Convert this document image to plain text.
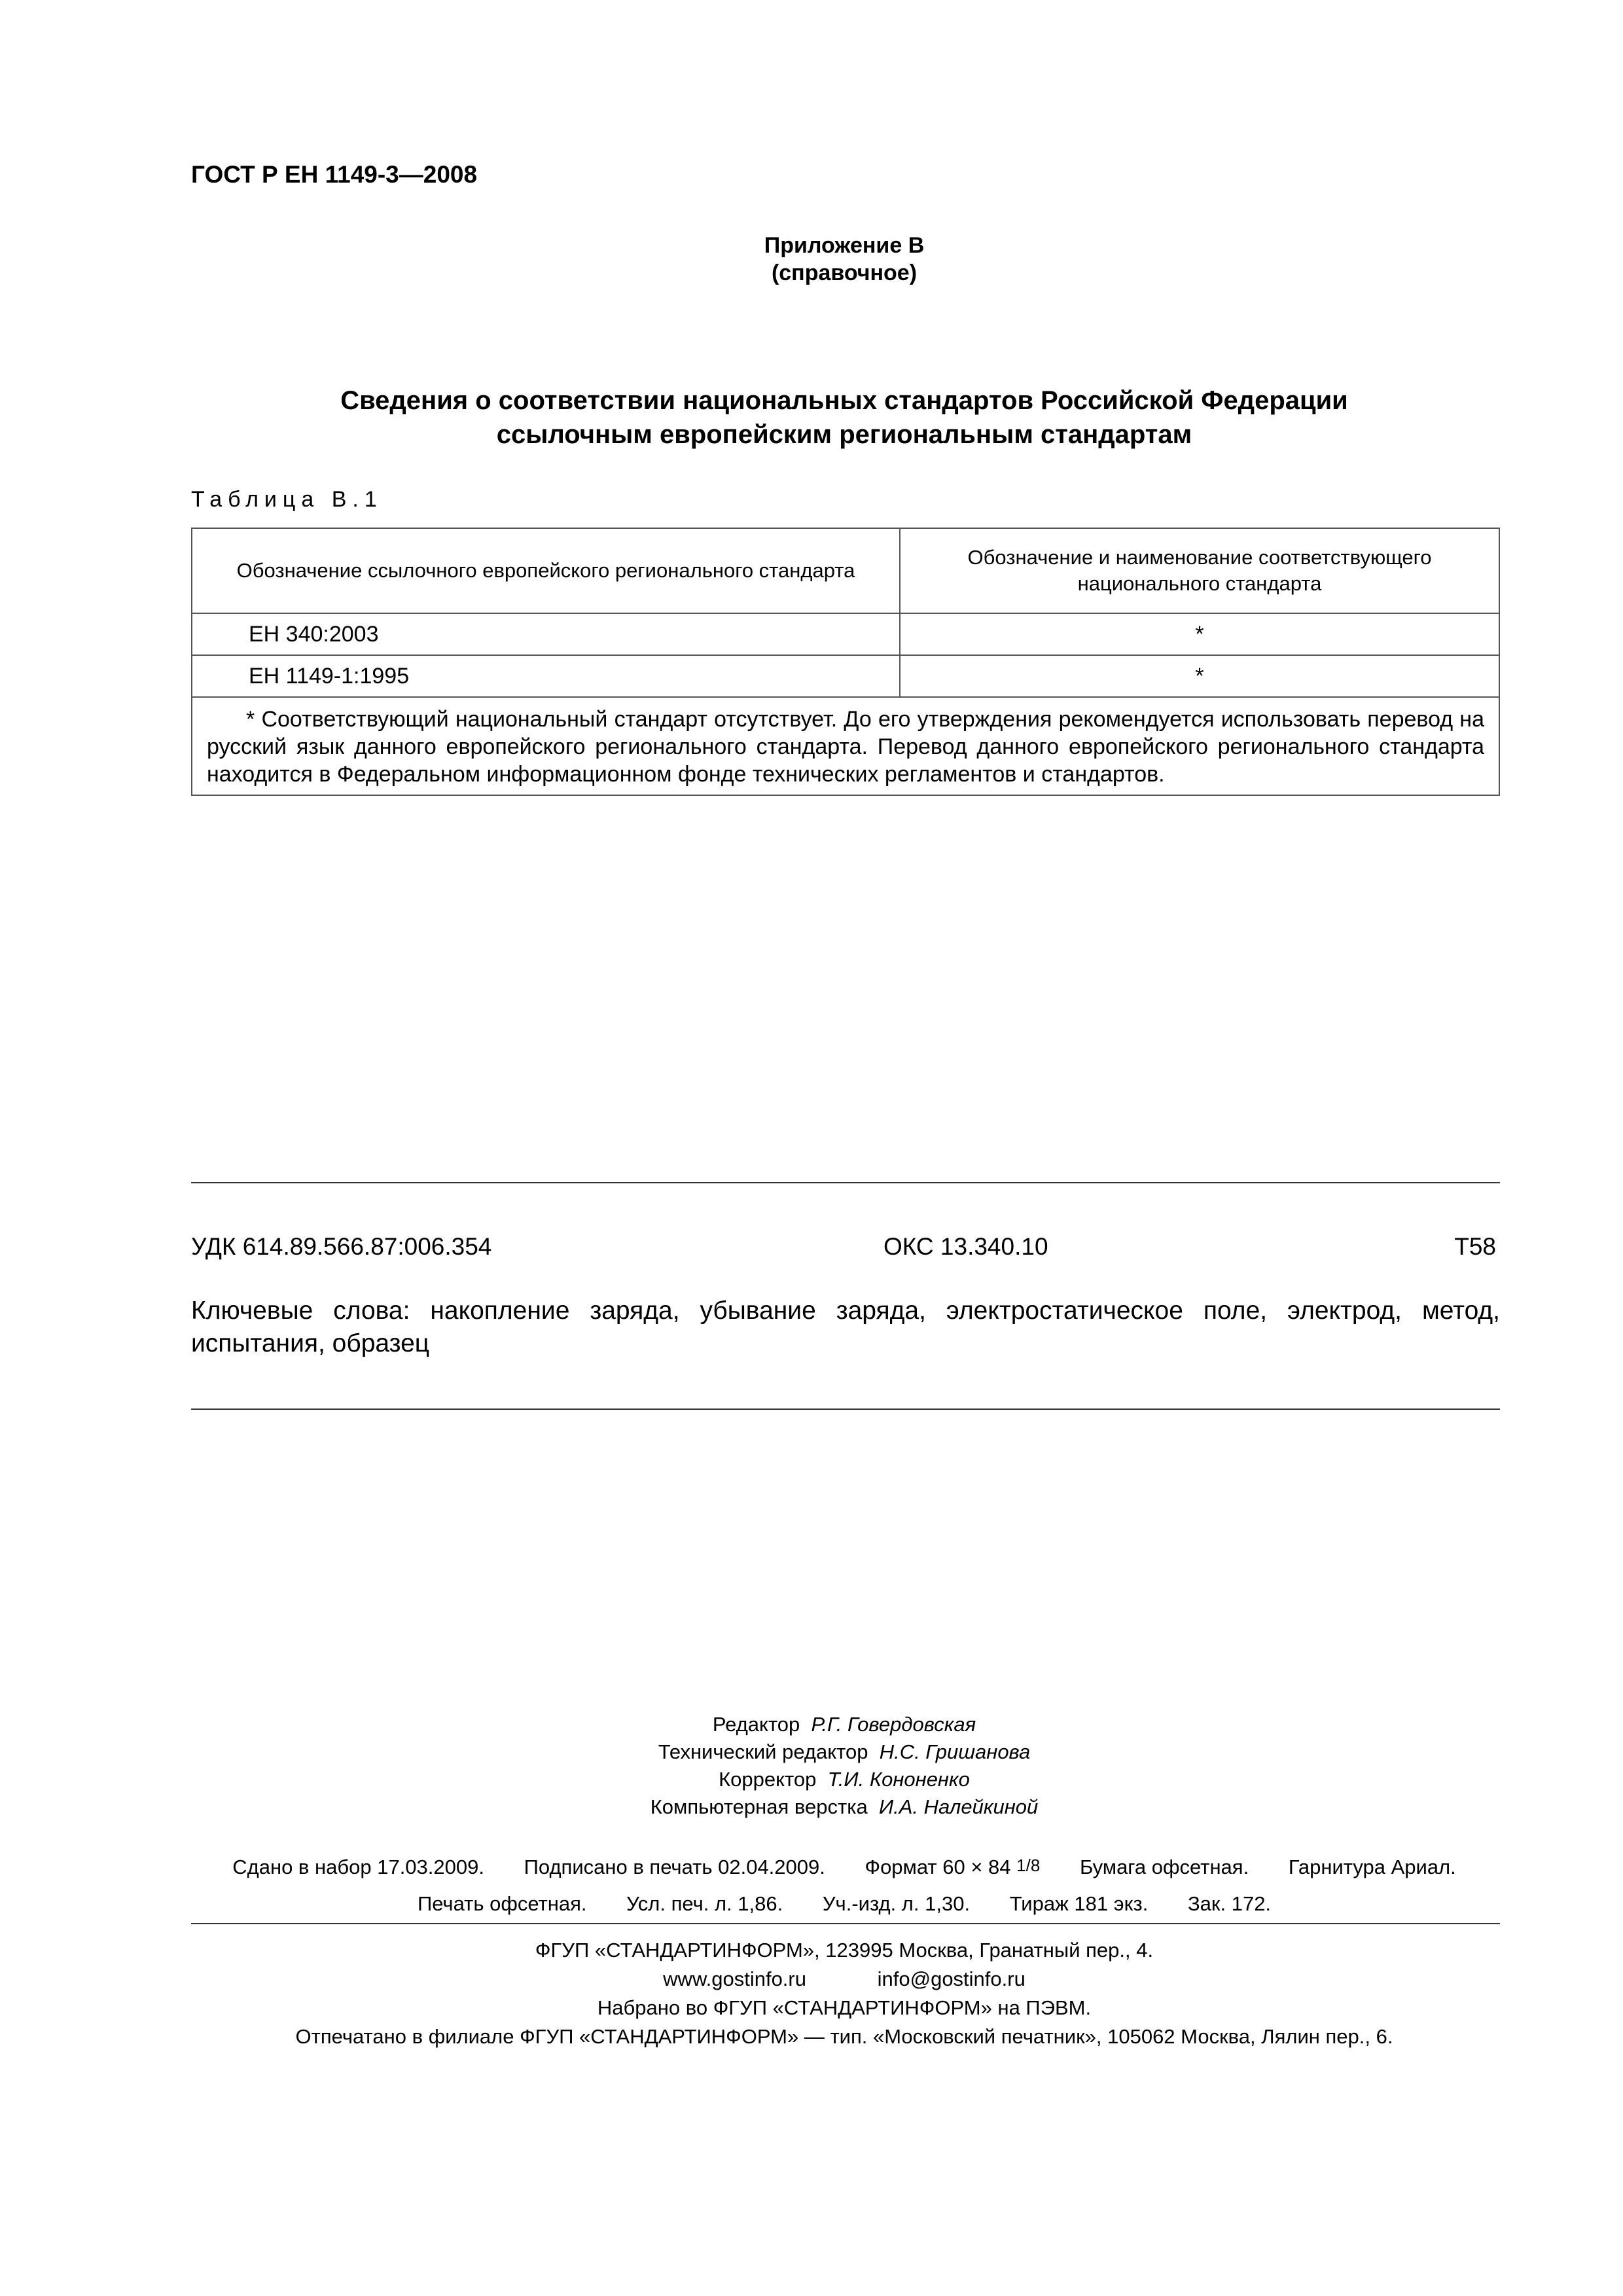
ГОСТ Р ЕН 1149-3—2008
Приложение В
(справочное)
Сведения о соответствии национальных стандартов Российской Федерации
ссылочным европейским региональным стандартам
Таблица В.1
Обозначение ссылочного европейского регионального стандарта	Обозначение и наименование соответствующего национального стандарта
ЕН 340:2003	*
ЕН 1149-1:1995	*
* Соответствующий национальный стандарт отсутствует. До его утверждения рекомендуется использовать перевод на русский язык данного европейского регионального стандарта. Перевод данного европейского регионального стандарта находится в Федеральном информационном фонде технических регламентов и стандартов.	
УДК 614.89.566.87:006.354	ОКС 13.340.10	Т58
Ключевые слова: накопление заряда, убывание заряда, электростатическое поле, электрод, метод, испытания, образец
Редактор Р.Г. Говердовская
Технический редактор Н.С. Гришанова
Корректор Т.И. Кононенко
Компьютерная верстка И.А. Налейкиной
Сдано в набор 17.03.2009. Подписано в печать 02.04.2009. Формат 60 × 84 1/8 Бумага офсетная. Гарнитура Ариал.
Печать офсетная. Усл. печ. л. 1,86. Уч.-изд. л. 1,30. Тираж 181 экз. Зак. 172.
ФГУП «СТАНДАРТИНФОРМ», 123995 Москва, Гранатный пер., 4.
www.gostinfo.ru	info@gostinfo.ru
Набрано во ФГУП «СТАНДАРТИНФОРМ» на ПЭВМ.
Отпечатано в филиале ФГУП «СТАНДАРТИНФОРМ» — тип. «Московский печатник», 105062 Москва, Лялин пер., 6.
